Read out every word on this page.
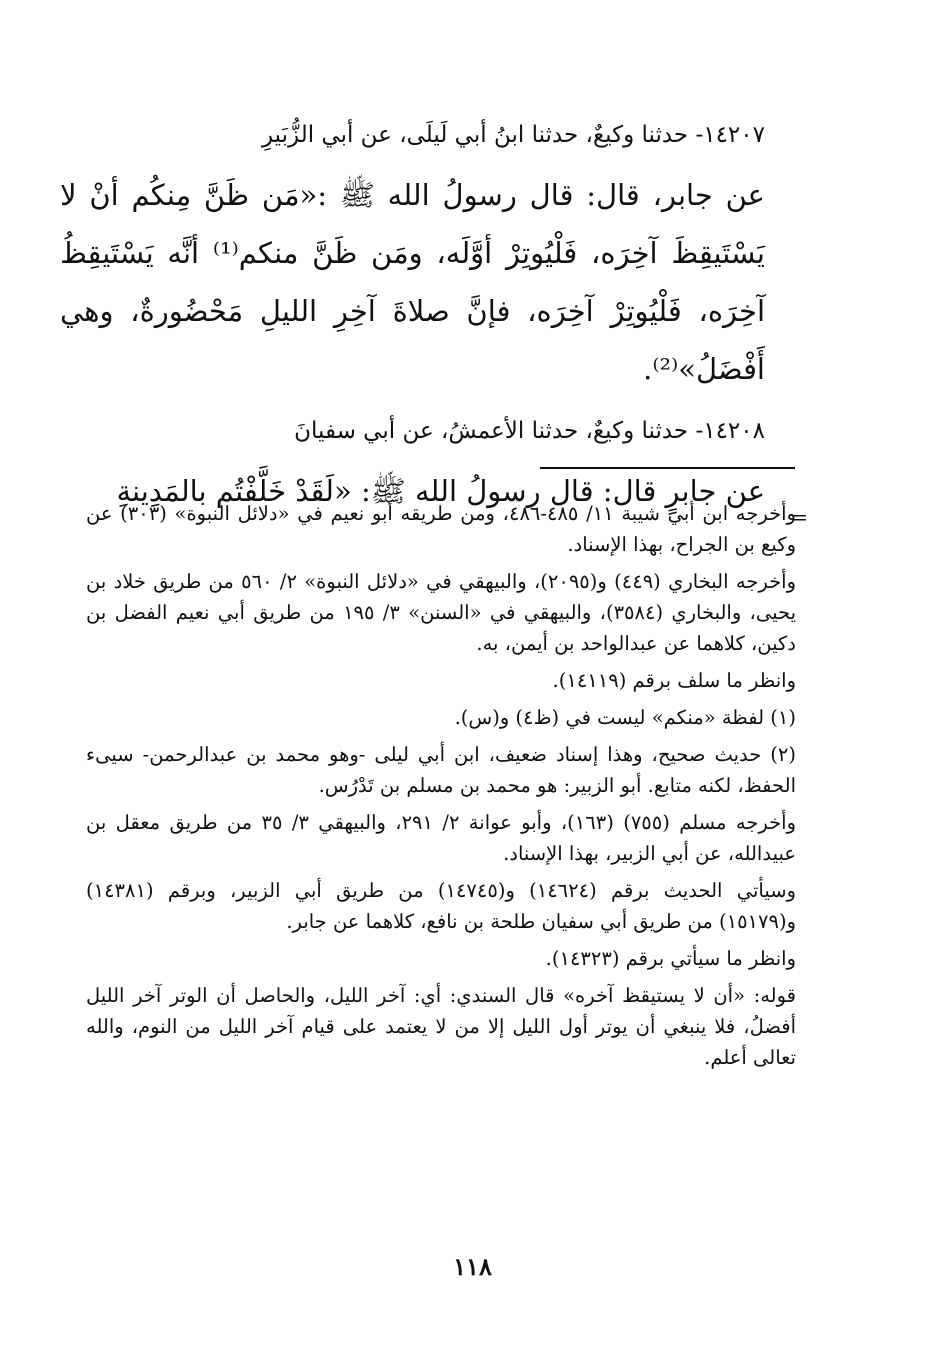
١٤٢٠٧- حدثنا وكيعٌ، حدثنا ابنُ أبي لَيلَى، عن أبي الزُّبَيرِ

عن جابر، قال: قال رسولُ الله ﷺ :«مَن ظَنَّ مِنكُم أنْ لا يَسْتَيقِظَ آخِرَه، فَلْيُوتِرْ أوَّلَه، ومَن ظَنَّ منكم⁽¹⁾ أنَّه يَسْتَيقِظُ آخِرَه، فَلْيُوتِرْ آخِرَه، فإنَّ صلاةَ آخِرِ الليلِ مَحْضُورةٌ، وهي أَفْضَلُ»⁽²⁾.

١٤٢٠٨- حدثنا وكيعٌ، حدثنا الأعمشُ، عن أبي سفيانَ

عن جابرٍ قال: قال رسولُ الله ﷺ: «لَقَدْ خَلَّفْتُم بالمَدِينةِ

وأخرجه ابن أبي شيبة ١١/ ٤٨٥-٤٨٦، ومن طريقه أبو نعيم في «دلائل النبوة» (٣٠٣) عن وكيع بن الجراح، بهذا الإسناد.

وأخرجه البخاري (٤٤٩) و(٢٠٩٥)، والبيهقي في «دلائل النبوة» ٢/ ٥٦٠ من طريق خلاد بن يحيى، والبخاري (٣٥٨٤)، والبيهقي في «السنن» ٣/ ١٩٥ من طريق أبي نعيم الفضل بن دكين، كلاهما عن عبدالواحد بن أيمن، به.

وانظر ما سلف برقم (١٤١١٩).

(١) لفظة «منكم» ليست في (ظ٤) و(س).

(٢) حديث صحيح، وهذا إسناد ضعيف، ابن أبي ليلى -وهو محمد بن عبدالرحمن- سيىء الحفظ، لكنه متابع. أبو الزبير: هو محمد بن مسلم بن تَدْرُس.

وأخرجه مسلم (٧٥٥) (١٦٣)، وأبو عوانة ٢/ ٢٩١، والبيهقي ٣/ ٣٥ من طريق معقل بن عبيدالله، عن أبي الزبير، بهذا الإسناد.

وسيأتي الحديث برقم (١٤٦٢٤) و(١٤٧٤٥) من طريق أبي الزبير، وبرقم (١٤٣٨١) و(١٥١٧٩) من طريق أبي سفيان طلحة بن نافع، كلاهما عن جابر.

وانظر ما سيأتي برقم (١٤٣٢٣).

قوله: «أن لا يستيقظ آخره» قال السندي: أي: آخر الليل، والحاصل أن الوتر آخر الليل أفضلُ، فلا ينبغي أن يوتر أول الليل إلا من لا يعتمد على قيام آخر الليل من النوم، والله تعالى أعلم.

=
١١٨
